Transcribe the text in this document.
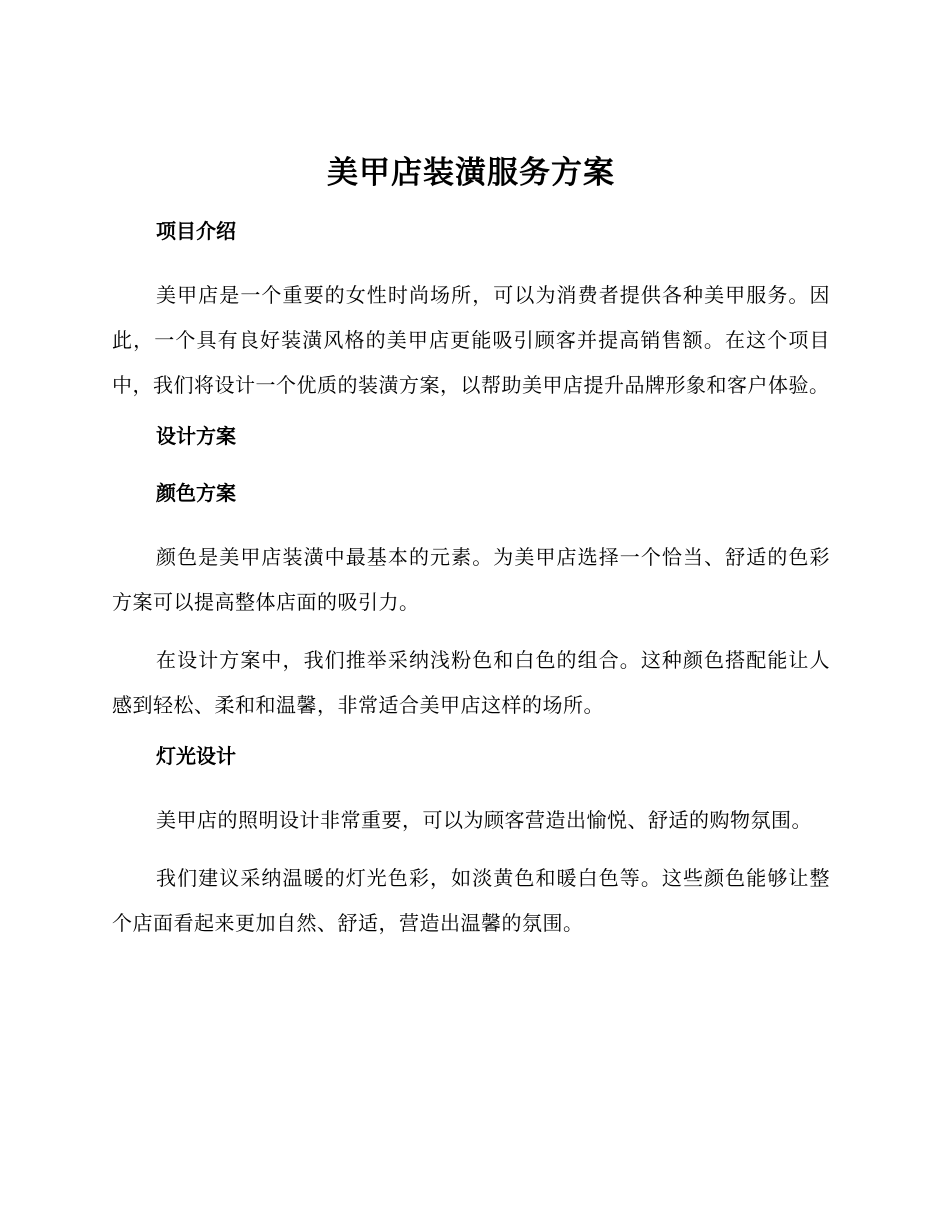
美甲店装潢服务方案
项目介绍

美甲店是一个重要的女性时尚场所，可以为消费者提供各种美甲服务。因此，一个具有良好装潢风格的美甲店更能吸引顾客并提高销售额。在这个项目中，我们将设计一个优质的装潢方案，以帮助美甲店提升品牌形象和客户体验。

设计方案
颜色方案

颜色是美甲店装潢中最基本的元素。为美甲店选择一个恰当、舒适的色彩方案可以提高整体店面的吸引力。

在设计方案中，我们推举采纳浅粉色和白色的组合。这种颜色搭配能让人感到轻松、柔和和温馨，非常适合美甲店这样的场所。

灯光设计

美甲店的照明设计非常重要，可以为顾客营造出愉悦、舒适的购物氛围。

我们建议采纳温暖的灯光色彩，如淡黄色和暖白色等。这些颜色能够让整个店面看起来更加自然、舒适，营造出温馨的氛围。
